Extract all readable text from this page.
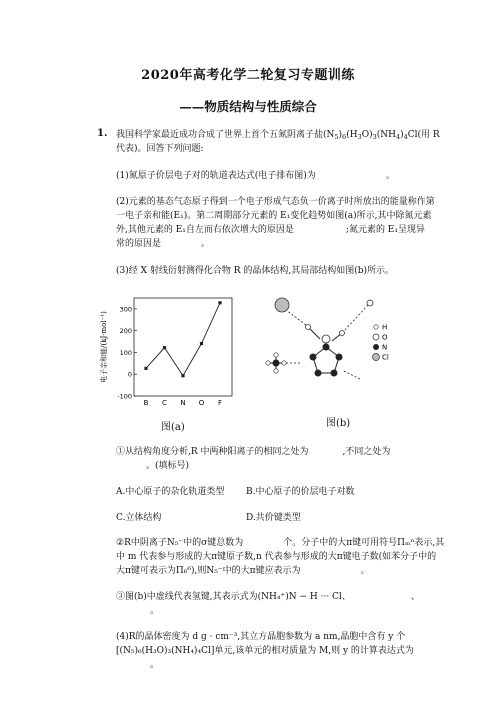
2020年高考化学二轮复习专题训练
——物质结构与性质综合
1. 我国科学家最近成功合成了世界上首个五氮阴离子盐$(N_5)_6(H_3O)_3(NH_4)_4Cl$(用 R
代表)。回答下列问题:
(1)氮原子价层电子对的轨道表达式(电子排布图)为	。
(2)元素的基态气态原子得到一个电子形成气态负一价离子时所放出的能量称作第
一电子亲和能(E₁)。第二周期部分元素的 E₁变化趋势如图(a)所示,其中除氮元素
外,其他元素的 E₁自左而右依次增大的原因是	;氮元素的 E₁呈现异
常的原因是	。
(3)经 X 射线衍射测得化合物 R 的晶体结构,其局部结构如图(b)所示。
-100
0
100
200
300
电子亲和能/(kJ·mol⁻¹)
B C N O F
图(a)
H
O
N
Cl
图(b)
①从结构角度分析,R 中两种阳离子的相同之处为	,不同之处为
。(填标号)
A.中心原子的杂化轨道类型 B.中心原子的价层电子对数
C.立体结构	D.共价键类型
②R中阴离子N₅⁻中的σ键总数为	个。分子中的大π键可用符号Πₘⁿ表示,其
中 m 代表参与形成的大π键原子数,n 代表参与形成的大π键电子数(如苯分子中的
大π键可表示为Π₆⁶),则N₅⁻中的大π键应表示为	。
③图(b)中虚线代表氢键,其表示式为(NH₄⁺)N − H ··· Cl、	、
。
(4)R的晶体密度为 d g · cm⁻³,其立方晶胞参数为 a nm,晶胞中含有 y 个
[(N₅)₆(H₃O)₃(NH₄)₄Cl]单元,该单元的相对质量为 M,则 y 的计算表达式为
。
